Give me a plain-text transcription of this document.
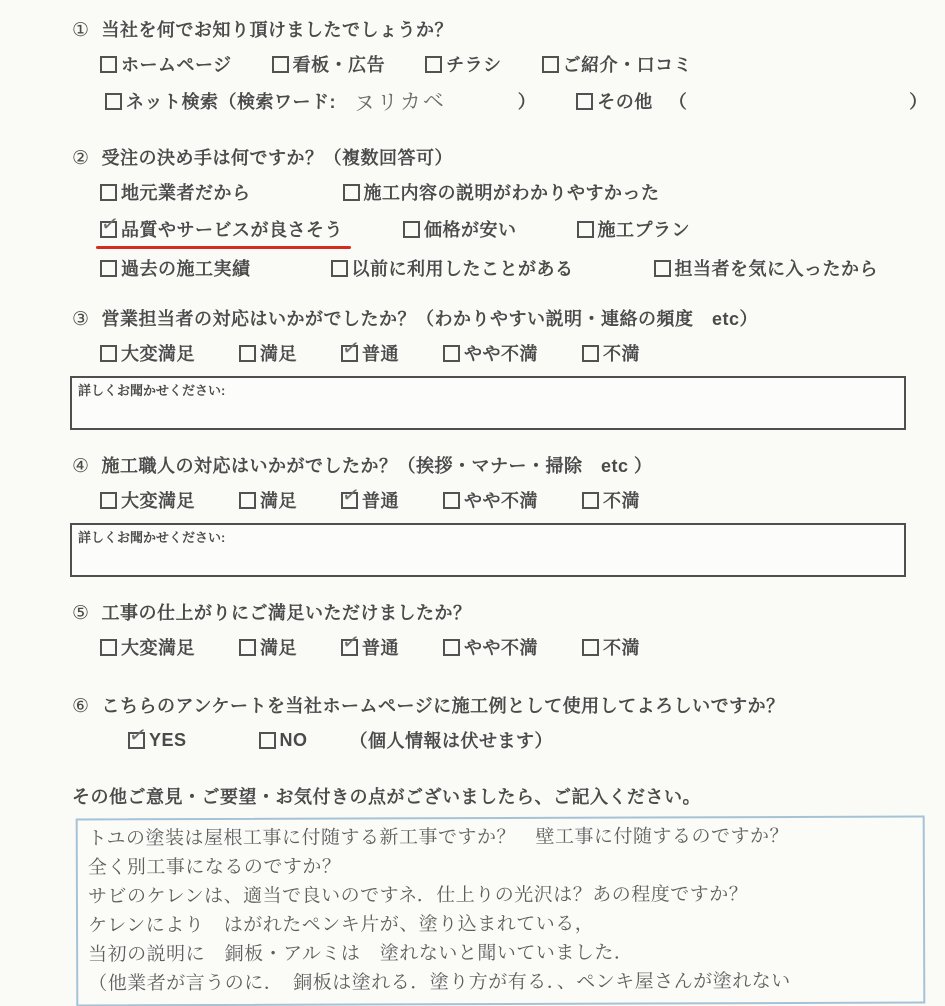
① 当社を何でお知り頂けましたでしょうか？
ホームページ	看板・広告	チラシ	ご紹介・口コミ
ネット検索（検索ワード: ヌリカベ	）	その他 （	）
② 受注の決め手は何ですか？（複数回答可）
地元業者だから	施工内容の説明がわかりやすかった
✓
品質やサービスが良さそう	価格が安い	施工プラン
過去の施工実績	以前に利用したことがある	担当者を気に入ったから
③ 営業担当者の対応はいかがでしたか？（わかりやすい説明・連絡の頻度　etc）
大変満足	満足 ✓	普通	やや不満	不満
詳しくお聞かせください:
④ 施工職人の対応はいかがでしたか？（挨拶・マナー・掃除　etc ）
大変満足	満足 ✓	普通	やや不満	不満
詳しくお聞かせください:
⑤ 工事の仕上がりにご満足いただけましたか？
大変満足	満足 ✓	普通	やや不満	不満
⑥ こちらのアンケートを当社ホームページに施工例として使用してよろしいですか？
✓
YES	NO （個人情報は伏せます）
その他ご意見・ご要望・お気付きの点がございましたら、ご記入ください。
トユの塗装は屋根工事に付随する新工事ですか？　壁工事に付随するのですか？
全く別工事になるのですか？
サビのケレンは、適当で良いのですネ．仕上りの光沢は？あの程度ですか？
ケレンにより　はがれたペンキ片が、塗り込まれている，
当初の説明に　銅板・アルミは　塗れないと聞いていました．
（他業者が言うのに．　銅板は塗れる．塗り方が有る．、ペンキ屋さんが塗れない
